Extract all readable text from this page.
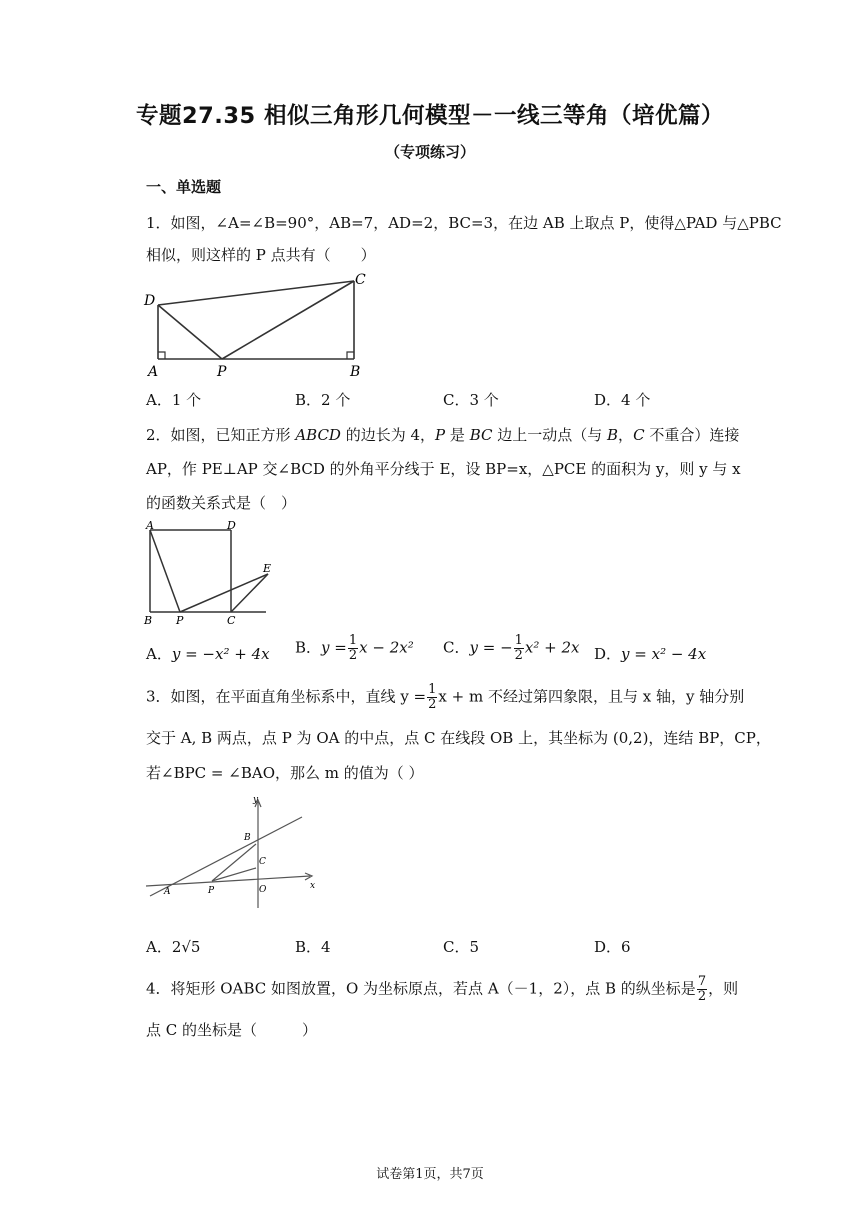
专题27.35 相似三角形几何模型－一线三等角（培优篇）
（专项练习）
一、单选题
1．如图，∠A=∠B=90°，AB=7，AD=2，BC=3，在边 AB 上取点 P，使得△PAD 与△PBC
相似，则这样的 P 点共有（　　）
D
C
A	P	B
A．1 个	B．2 个	C．3 个	D．4 个
2．如图，已知正方形 ABCD 的边长为 4，P 是 BC 边上一动点（与 B，C 不重合）连接
AP，作 PE⊥AP 交∠BCD 的外角平分线于 E，设 BP=x，△PCE 的面积为 y，则 y 与 x
的函数关系式是（　）
A	D
E
B P	C
A．y = −x² + 4x B．$y = \frac{1}{2}$ x − 2x² C．y = − $\frac{1}{2} x^2 + 2x$ D．y = x² − 4x
3．如图，在平面直角坐标系中，直线 $y = \frac{1}{2}$ x + m 不经过第四象限，且与 x 轴，y 轴分别
交于 A, B 两点，点 P 为 OA 的中点，点 C 在线段 OB 上，其坐标为 (0,2)，连结 BP，CP，
若∠BPC = ∠BAO，那么 m 的值为（ ）
y
B
C
A	P	O	x
A．2√5	B．4	C．5	D．6
4．将矩形 OABC 如图放置，O 为坐标原点，若点 A（－1，2），点 B 的纵坐标是 $\frac{7}{2}$ ，则
点 C 的坐标是（　　　）
试卷第1页，共7页
